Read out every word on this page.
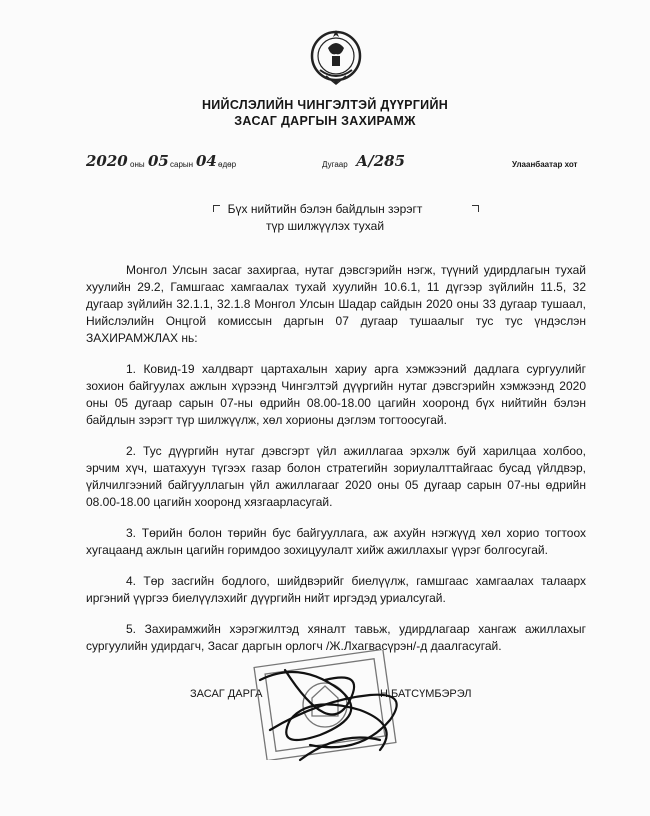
НИЙСЛЭЛИЙН ЧИНГЭЛТЭЙ ДҮҮРГИЙН
ЗАСАГ ДАРГЫН ЗАХИРАМЖ
2020 оны 05 сарын 04 өдөр	Дугаар А/285	Улаанбаатар хот
Бүх нийтийн бэлэн байдлын зэрэгт
түр шилжүүлэх тухай

Монгол Улсын засаг захиргаа, нутаг дэвсгэрийн нэгж, түүний удирдлагын тухай хуулийн 29.2, Гамшгаас хамгаалах тухай хуулийн 10.6.1, 11 дүгээр зүйлийн 11.5, 32 дугаар зүйлийн 32.1.1, 32.1.8 Монгол Улсын Шадар сайдын 2020 оны 33 дугаар тушаал, Нийслэлийн Онцгой комиссын даргын 07 дугаар тушаалыг тус тус үндэслэн ЗАХИРАМЖЛАХ нь:

1. Ковид-19 халдварт цартахалын хариу арга хэмжээний дадлага сургуулийг зохион байгуулах ажлын хүрээнд Чингэлтэй дүүргийн нутаг дэвсгэрийн хэмжээнд 2020 оны 05 дугаар сарын 07-ны өдрийн 08.00-18.00 цагийн хооронд бүх нийтийн бэлэн байдлын зэрэгт түр шилжүүлж, хөл хорионы дэглэм тогтоосугай.

2. Тус дүүргийн нутаг дэвсгэрт үйл ажиллагаа эрхэлж буй харилцаа холбоо, эрчим хүч, шатахуун түгээх газар болон стратегийн зориулалттайгаас бусад үйлдвэр, үйлчилгээний байгууллагын үйл ажиллагааг 2020 оны 05 дугаар сарын 07-ны өдрийн 08.00-18.00 цагийн хооронд хязгаарласугай.

3. Төрийн болон төрийн бус байгууллага, аж ахуйн нэгжүүд хөл хорио тогтоох хугацаанд ажлын цагийн горимдоо зохицуулалт хийж ажиллахыг үүрэг болгосугай.

4. Төр засгийн бодлого, шийдвэрийг биелүүлж, гамшгаас хамгаалах талаарх иргэний үүргээ биелүүлэхийг дүүргийн нийт иргэдэд уриалсугай.

5. Захирамжийн хэрэгжилтэд хяналт тавьж, удирдлагаар хангаж ажиллахыг сургуулийн удирдагч, Засаг даргын орлогч /Ж.Лхагвасүрэн/-д даалгасугай.

ЗАСАГ ДАРГА	Н.БАТСҮМБЭРЭЛ
